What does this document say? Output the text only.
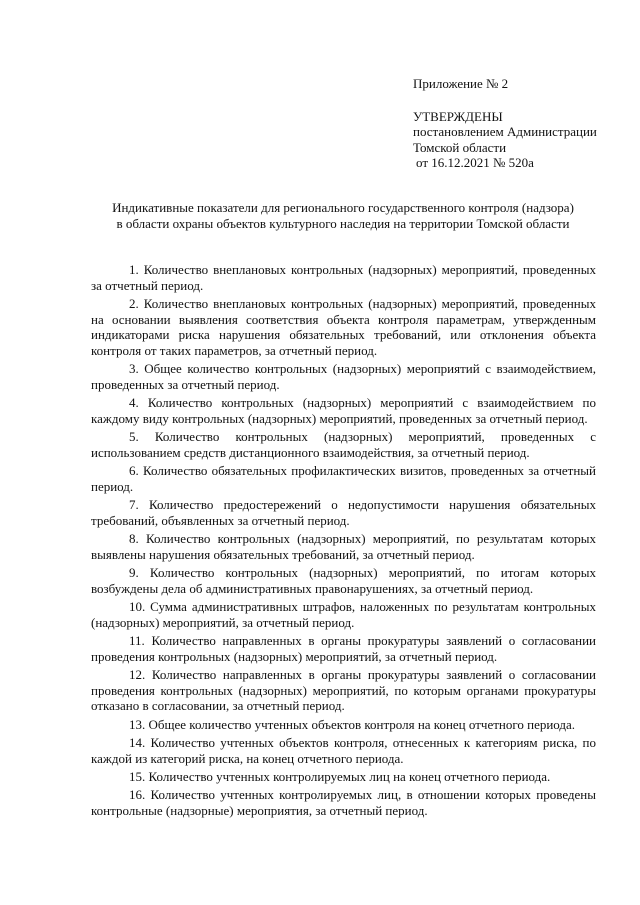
Приложение № 2
УТВЕРЖДЕНЫ
постановлением Администрации
Томской области
от 16.12.2021 № 520а
Индикативные показатели для регионального государственного контроля (надзора)
в области охраны объектов культурного наследия на территории Томской области

1. Количество внеплановых контрольных (надзорных) мероприятий, проведенных за отчетный период.

2. Количество внеплановых контрольных (надзорных) мероприятий, проведенных на основании выявления соответствия объекта контроля параметрам, утвержденным индикаторами риска нарушения обязательных требований, или отклонения объекта контроля от таких параметров, за отчетный период.

3. Общее количество контрольных (надзорных) мероприятий с взаимодействием, проведенных за отчетный период.

4. Количество контрольных (надзорных) мероприятий с взаимодействием по каждому виду контрольных (надзорных) мероприятий, проведенных за отчетный период.

5. Количество контрольных (надзорных) мероприятий, проведенных с использованием средств дистанционного взаимодействия, за отчетный период.

6. Количество обязательных профилактических визитов, проведенных за отчетный период.

7. Количество предостережений о недопустимости нарушения обязательных требований, объявленных за отчетный период.

8. Количество контрольных (надзорных) мероприятий, по результатам которых выявлены нарушения обязательных требований, за отчетный период.

9. Количество контрольных (надзорных) мероприятий, по итогам которых возбуждены дела об административных правонарушениях, за отчетный период.

10. Сумма административных штрафов, наложенных по результатам контрольных (надзорных) мероприятий, за отчетный период.

11. Количество направленных в органы прокуратуры заявлений о согласовании проведения контрольных (надзорных) мероприятий, за отчетный период.

12. Количество направленных в органы прокуратуры заявлений о согласовании проведения контрольных (надзорных) мероприятий, по которым органами прокуратуры отказано в согласовании, за отчетный период.

13. Общее количество учтенных объектов контроля на конец отчетного периода.

14. Количество учтенных объектов контроля, отнесенных к категориям риска, по каждой из категорий риска, на конец отчетного периода.

15. Количество учтенных контролируемых лиц на конец отчетного периода.

16. Количество учтенных контролируемых лиц, в отношении которых проведены контрольные (надзорные) мероприятия, за отчетный период.
